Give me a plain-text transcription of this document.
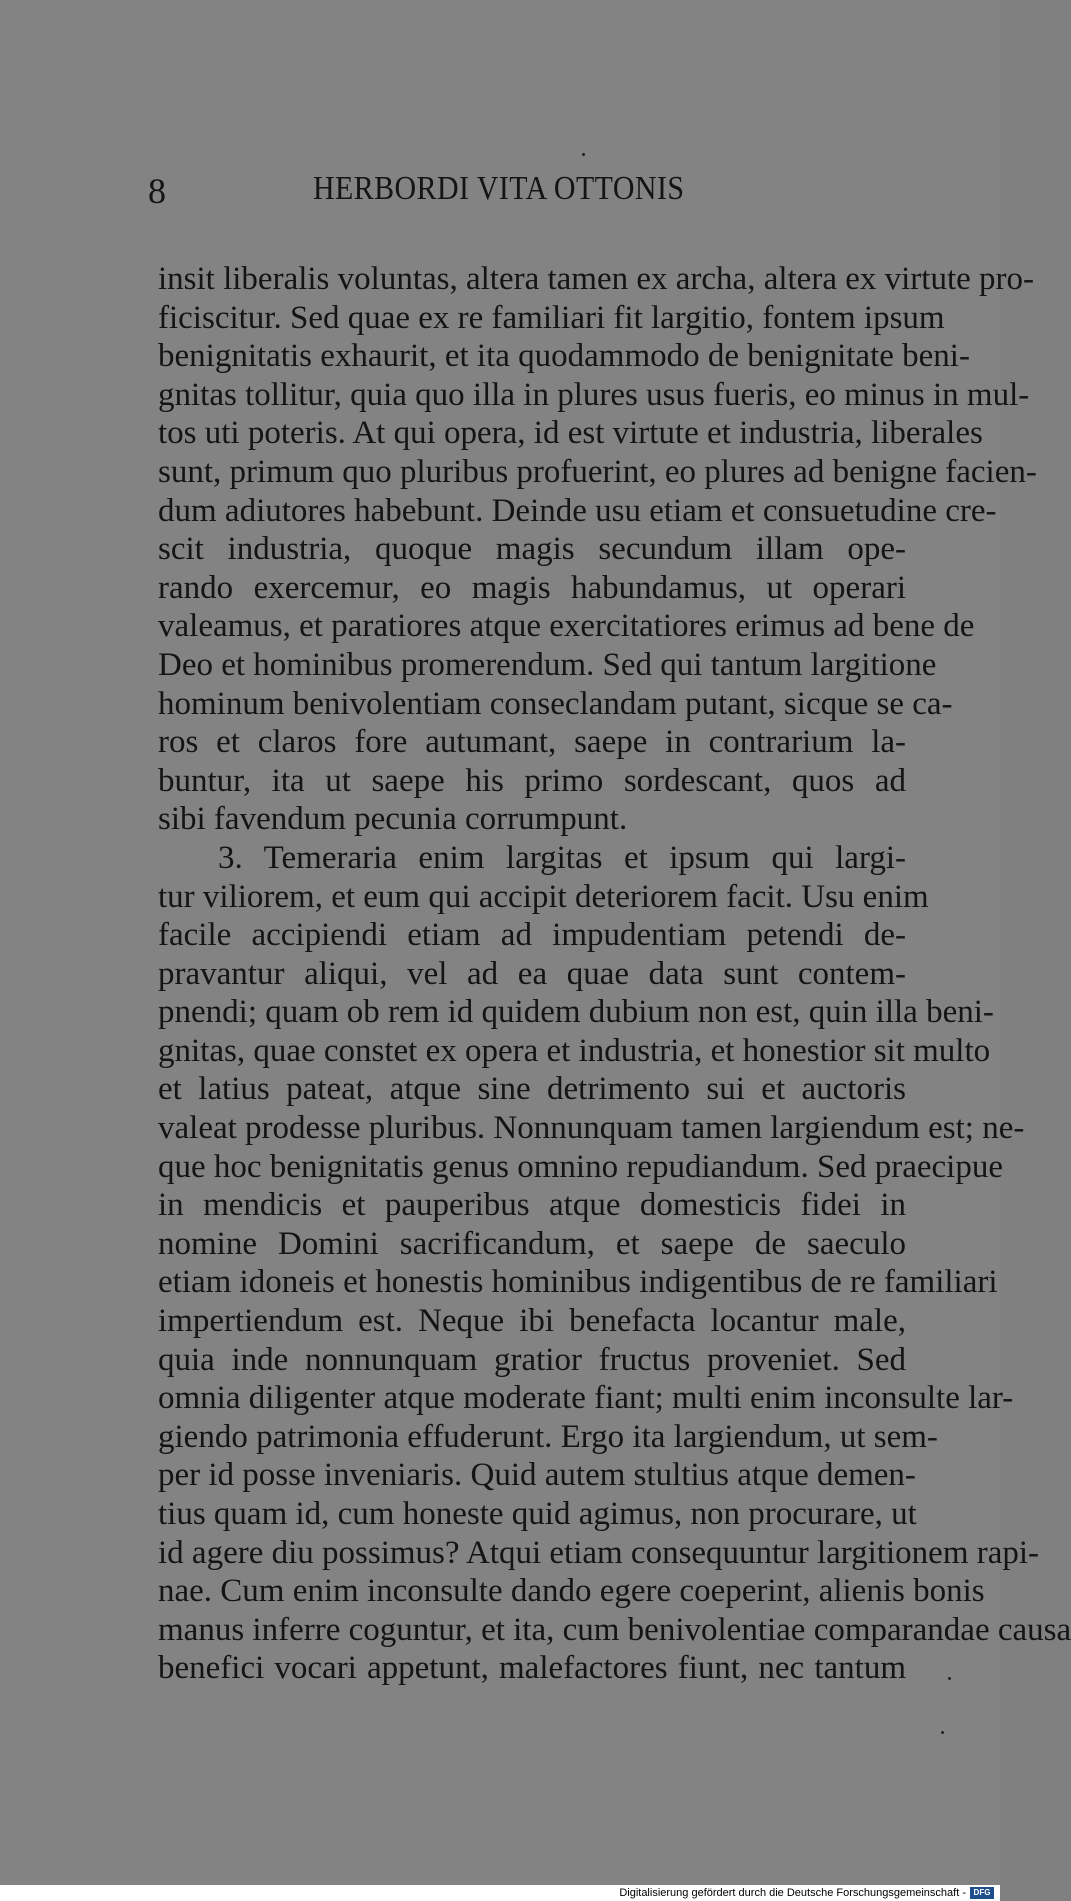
8	HERBORDI VITA OTTONIS
insit liberalis voluntas, altera tamen ex archa, altera ex virtute pro-
ficiscitur. Sed quae ex re familiari fit largitio, fontem ipsum
benignitatis exhaurit, et ita quodammodo de benignitate beni-
gnitas tollitur, quia quo illa in plures usus fueris, eo minus in mul-
tos uti poteris. At qui opera, id est virtute et industria, liberales
sunt, primum quo pluribus profuerint, eo plures ad benigne facien-
dum adiutores habebunt. Deinde usu etiam et consuetudine cre-
scit industria, quoque magis secundum illam ope-
rando exercemur, eo magis habundamus, ut operari
valeamus, et paratiores atque exercitatiores erimus ad bene de
Deo et hominibus promerendum. Sed qui tantum largitione
hominum benivolentiam conseclandam putant, sicque se ca-
ros et claros fore autumant, saepe in contrarium la-
buntur, ita ut saepe his primo sordescant, quos ad
sibi favendum pecunia corrumpunt.
3. Temeraria enim largitas et ipsum qui largi-
tur viliorem, et eum qui accipit deteriorem facit. Usu enim
facile accipiendi etiam ad impudentiam petendi de-
pravantur aliqui, vel ad ea quae data sunt contem-
pnendi; quam ob rem id quidem dubium non est, quin illa beni-
gnitas, quae constet ex opera et industria, et honestior sit multo
et latius pateat, atque sine detrimento sui et auctoris
valeat prodesse pluribus. Nonnunquam tamen largiendum est; ne-
que hoc benignitatis genus omnino repudiandum. Sed praecipue
in mendicis et pauperibus atque domesticis fidei in
nomine Domini sacrificandum, et saepe de saeculo
etiam idoneis et honestis hominibus indigentibus de re familiari
impertiendum est. Neque ibi benefacta locantur male,
quia inde nonnunquam gratior fructus proveniet. Sed
omnia diligenter atque moderate fiant; multi enim inconsulte lar-
giendo patrimonia effuderunt. Ergo ita largiendum, ut sem-
per id posse inveniaris. Quid autem stultius atque demen-
tius quam id, cum honeste quid agimus, non procurare, ut
id agere diu possimus? Atqui etiam consequuntur largitionem rapi-
nae. Cum enim inconsulte dando egere coeperint, alienis bonis
manus inferre coguntur, et ita, cum benivolentiae comparandae causa
benefici vocari appetunt, malefactores fiunt, nec tantum
Digitalisierung gefördert durch die Deutsche Forschungsgemeinschaft - DFG
